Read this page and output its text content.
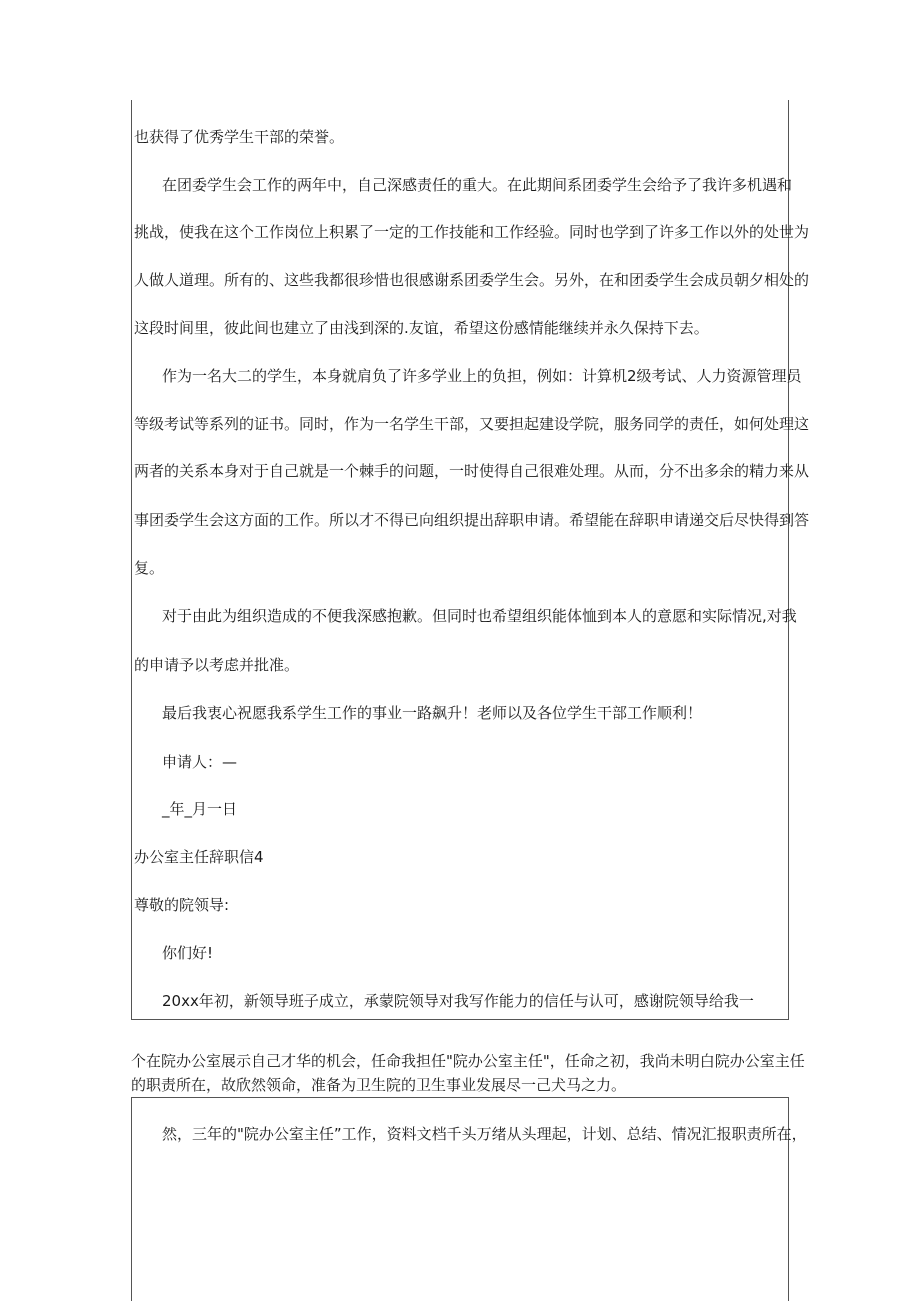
也获得了优秀学生干部的荣誉。

在团委学生会工作的两年中，自己深感责任的重大。在此期间系团委学生会给予了我许多机遇和

挑战，使我在这个工作岗位上积累了一定的工作技能和工作经验。同时也学到了许多工作以外的处世为

人做人道理。所有的、这些我都很珍惜也很感谢系团委学生会。另外，在和团委学生会成员朝夕相处的

这段时间里，彼此间也建立了由浅到深的.友谊，希望这份感情能继续并永久保持下去。

作为一名大二的学生，本身就肩负了许多学业上的负担，例如：计算机2级考试、人力资源管理员

等级考试等系列的证书。同时，作为一名学生干部，又要担起建设学院，服务同学的责任，如何处理这

两者的关系本身对于自己就是一个棘手的问题，一时使得自己很难处理。从而，分不出多余的精力来从

事团委学生会这方面的工作。所以才不得已向组织提出辞职申请。希望能在辞职申请递交后尽快得到答

复。

对于由此为组织造成的不便我深感抱歉。但同时也希望组织能体恤到本人的意愿和实际情况,对我

的申请予以考虑并批准。

最后我衷心祝愿我系学生工作的事业一路飙升！老师以及各位学生干部工作顺利！

申请人：—

_年_月一日

办公室主任辞职信4

尊敬的院领导:

你们好!

20xx年初，新领导班子成立，承蒙院领导对我写作能力的信任与认可，感谢院领导给我一

个在院办公室展示自己才华的机会，任命我担任"院办公室主任"，任命之初，我尚未明白院办公室主任

的职责所在，故欣然领命，准备为卫生院的卫生事业发展尽一己犬马之力。

然，三年的"院办公室主任”工作，资料文档千头万绪从头理起，计划、总结、情况汇报职责所在，
